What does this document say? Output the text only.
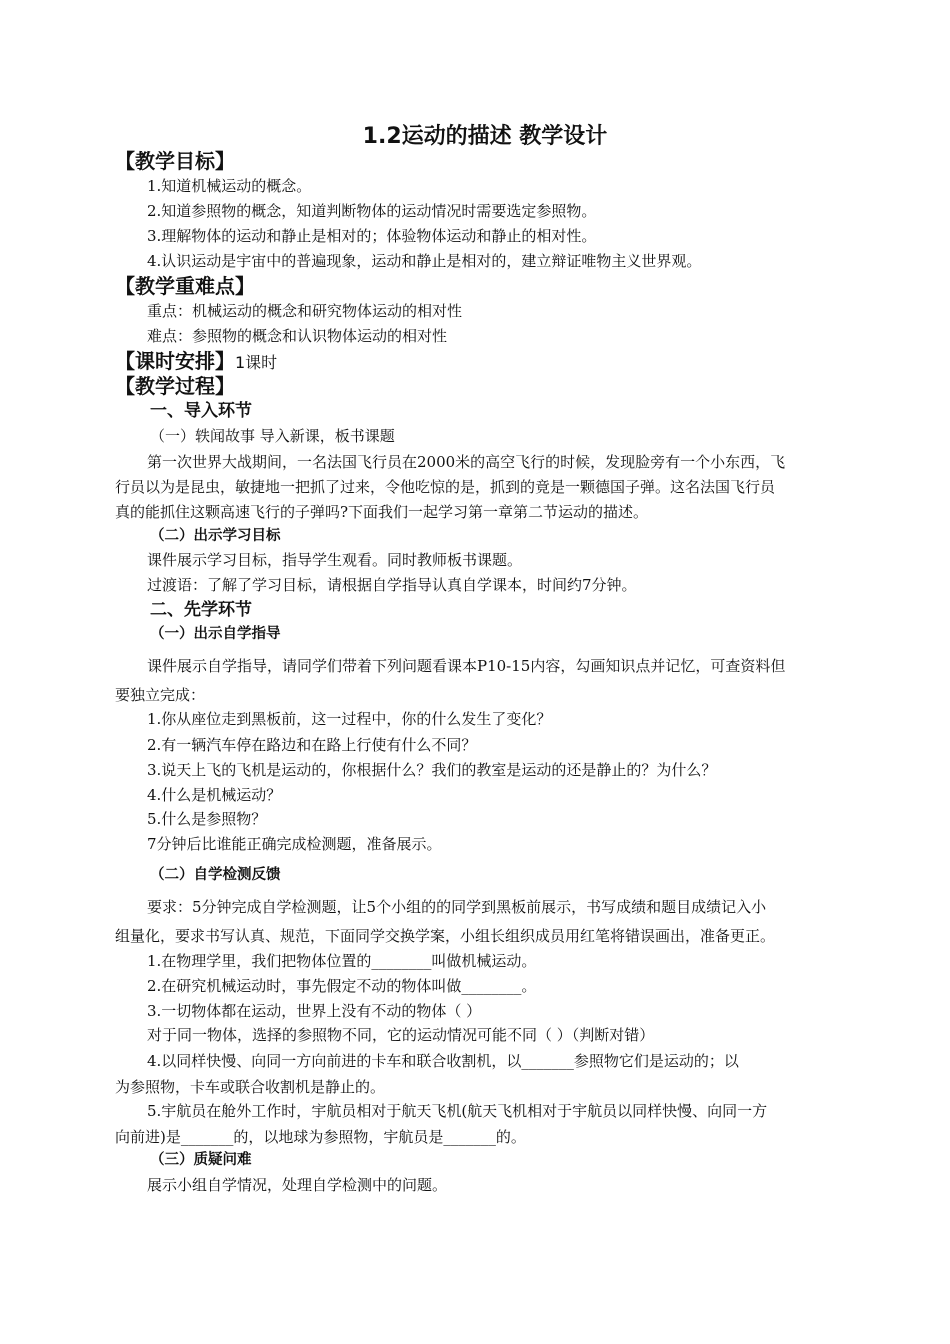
1.2运动的描述 教学设计
【教学目标】
1.知道机械运动的概念。
2.知道参照物的概念，知道判断物体的运动情况时需要选定参照物。
3.理解物体的运动和静止是相对的；体验物体运动和静止的相对性。
4.认识运动是宇宙中的普遍现象，运动和静止是相对的，建立辩证唯物主义世界观。
【教学重难点】
重点：机械运动的概念和研究物体运动的相对性
难点：参照物的概念和认识物体运动的相对性
【课时安排】1课时
【教学过程】
一、导入环节
（一）轶闻故事 导入新课，板书课题
第一次世界大战期间，一名法国飞行员在2000米的高空飞行的时候，发现脸旁有一个小东西，飞
行员以为是昆虫，敏捷地一把抓了过来，令他吃惊的是，抓到的竟是一颗德国子弹。这名法国飞行员
真的能抓住这颗高速飞行的子弹吗?下面我们一起学习第一章第二节运动的描述。
（二）出示学习目标
课件展示学习目标，指导学生观看。同时教师板书课题。
过渡语：了解了学习目标，请根据自学指导认真自学课本，时间约7分钟。
二、先学环节
（一）出示自学指导
课件展示自学指导，请同学们带着下列问题看课本P10-15内容，勾画知识点并记忆，可查资料但
要独立完成：
1.你从座位走到黑板前，这一过程中，你的什么发生了变化？
2.有一辆汽车停在路边和在路上行使有什么不同？
3.说天上飞的飞机是运动的，你根据什么？我们的教室是运动的还是静止的？为什么？
4.什么是机械运动？
5.什么是参照物？
7分钟后比谁能正确完成检测题，准备展示。
（二）自学检测反馈
要求：5分钟完成自学检测题，让5个小组的的同学到黑板前展示，书写成绩和题目成绩记入小
组量化，要求书写认真、规范，下面同学交换学案，小组长组织成员用红笔将错误画出，准备更正。
1.在物理学里，我们把物体位置的________叫做机械运动。
2.在研究机械运动时，事先假定不动的物体叫做________。
3.一切物体都在运动，世界上没有不动的物体（ ）
对于同一物体，选择的参照物不同，它的运动情况可能不同（ ）（判断对错）
4.以同样快慢、向同一方向前进的卡车和联合收割机，以_______参照物它们是运动的；以
为参照物，卡车或联合收割机是静止的。
5.宇航员在舱外工作时，宇航员相对于航天飞机(航天飞机相对于宇航员以同样快慢、向同一方
向前进)是_______的，以地球为参照物，宇航员是_______的。
（三）质疑问难
展示小组自学情况，处理自学检测中的问题。
